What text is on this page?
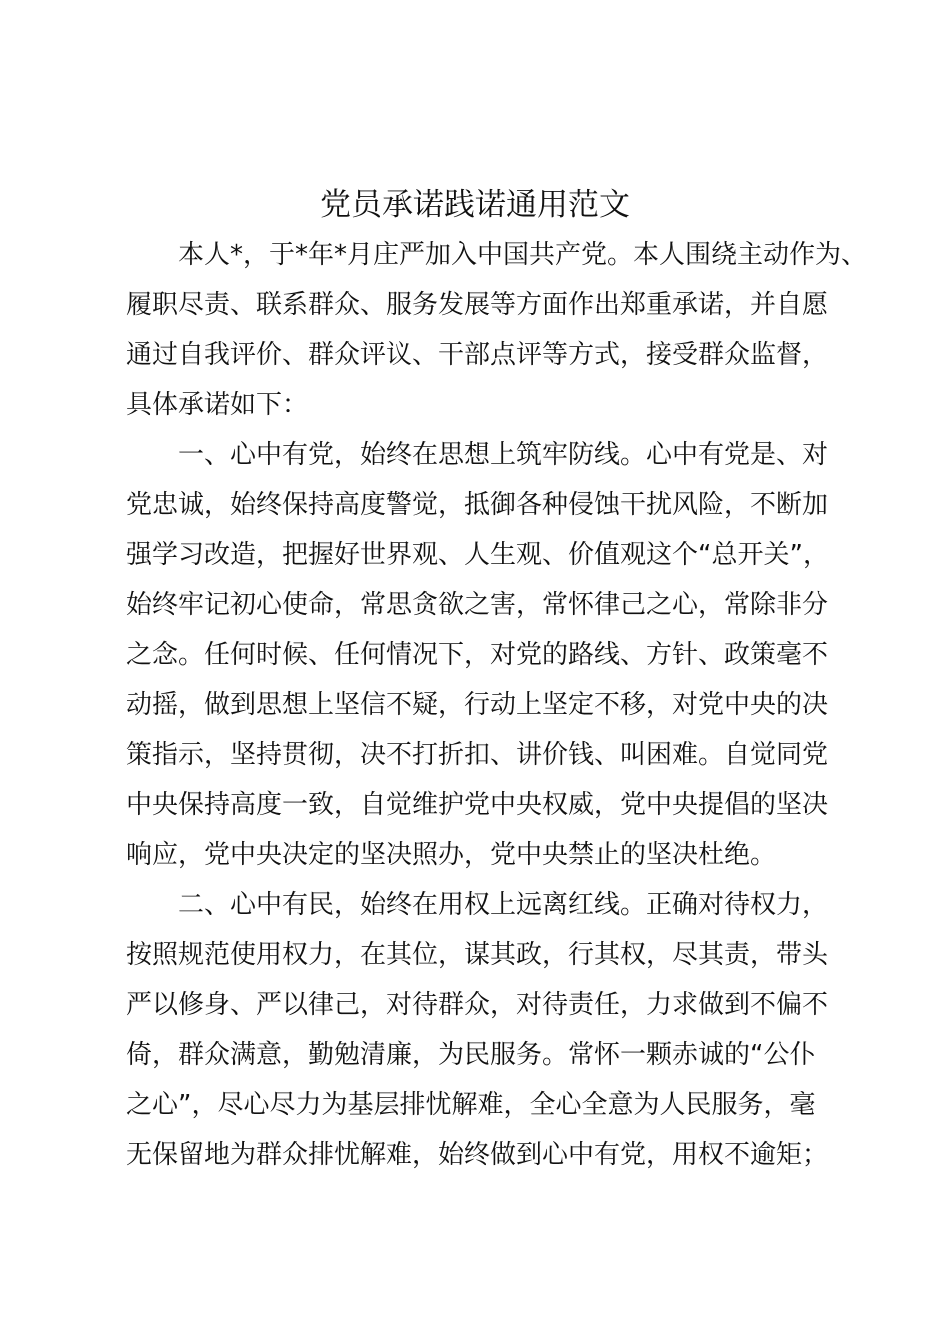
党员承诺践诺通用范文
本人*，于*年*月庄严加入中国共产党。本人围绕主动作为、
履职尽责、联系群众、服务发展等方面作出郑重承诺，并自愿
通过自我评价、群众评议、干部点评等方式，接受群众监督，
具体承诺如下：
一、心中有党，始终在思想上筑牢防线。心中有党是、对
党忠诚，始终保持高度警觉，抵御各种侵蚀干扰风险，不断加
强学习改造，把握好世界观、人生观、价值观这个“总开关”，
始终牢记初心使命，常思贪欲之害，常怀律己之心，常除非分
之念。任何时候、任何情况下，对党的路线、方针、政策毫不
动摇，做到思想上坚信不疑，行动上坚定不移，对党中央的决
策指示，坚持贯彻，决不打折扣、讲价钱、叫困难。自觉同党
中央保持高度一致，自觉维护党中央权威，党中央提倡的坚决
响应，党中央决定的坚决照办，党中央禁止的坚决杜绝。
二、心中有民，始终在用权上远离红线。正确对待权力，
按照规范使用权力，在其位，谋其政，行其权，尽其责，带头
严以修身、严以律己，对待群众，对待责任，力求做到不偏不
倚，群众满意，勤勉清廉，为民服务。常怀一颗赤诚的“公仆
之心”，尽心尽力为基层排忧解难，全心全意为人民服务，毫
无保留地为群众排忧解难，始终做到心中有党，用权不逾矩；
